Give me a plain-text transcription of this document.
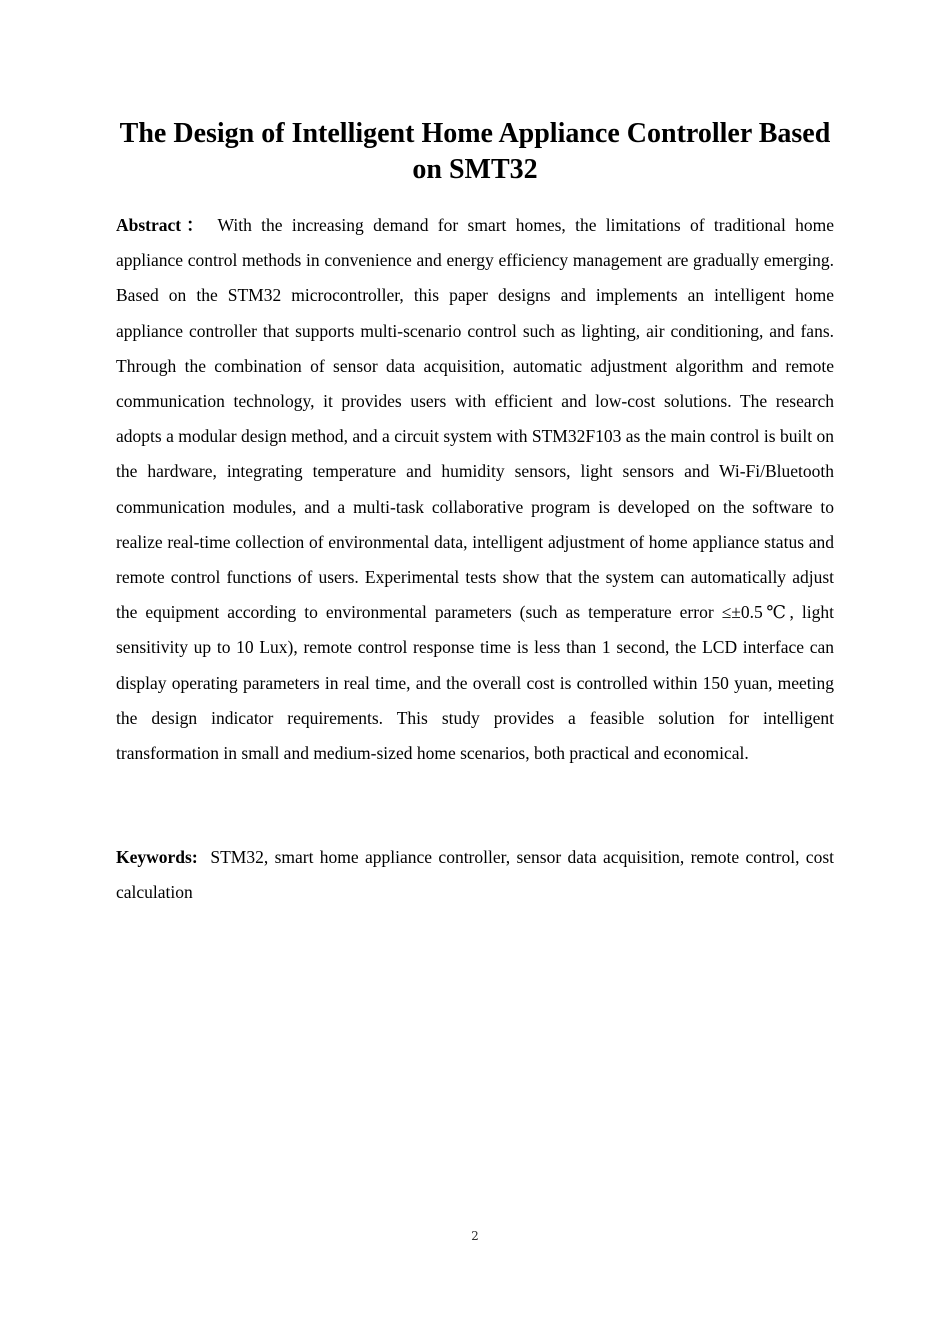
The Design of Intelligent Home Appliance Controller Based on SMT32

Abstract： With the increasing demand for smart homes, the limitations of traditional home appliance control methods in convenience and energy efficiency management are gradually emerging. Based on the STM32 microcontroller, this paper designs and implements an intelligent home appliance controller that supports multi-scenario control such as lighting, air conditioning, and fans. Through the combination of sensor data acquisition, automatic adjustment algorithm and remote communication technology, it provides users with efficient and low-cost solutions. The research adopts a modular design method, and a circuit system with STM32F103 as the main control is built on the hardware, integrating temperature and humidity sensors, light sensors and Wi-Fi/Bluetooth communication modules, and a multi-task collaborative program is developed on the software to realize real-time collection of environmental data, intelligent adjustment of home appliance status and remote control functions of users. Experimental tests show that the system can automatically adjust the equipment according to environmental parameters (such as temperature error ≤±0.5℃, light sensitivity up to 10 Lux), remote control response time is less than 1 second, the LCD interface can display operating parameters in real time, and the overall cost is controlled within 150 yuan, meeting the design indicator requirements. This study provides a feasible solution for intelligent transformation in small and medium-sized home scenarios, both practical and economical.

Keywords: STM32, smart home appliance controller, sensor data acquisition, remote control, cost calculation

2
